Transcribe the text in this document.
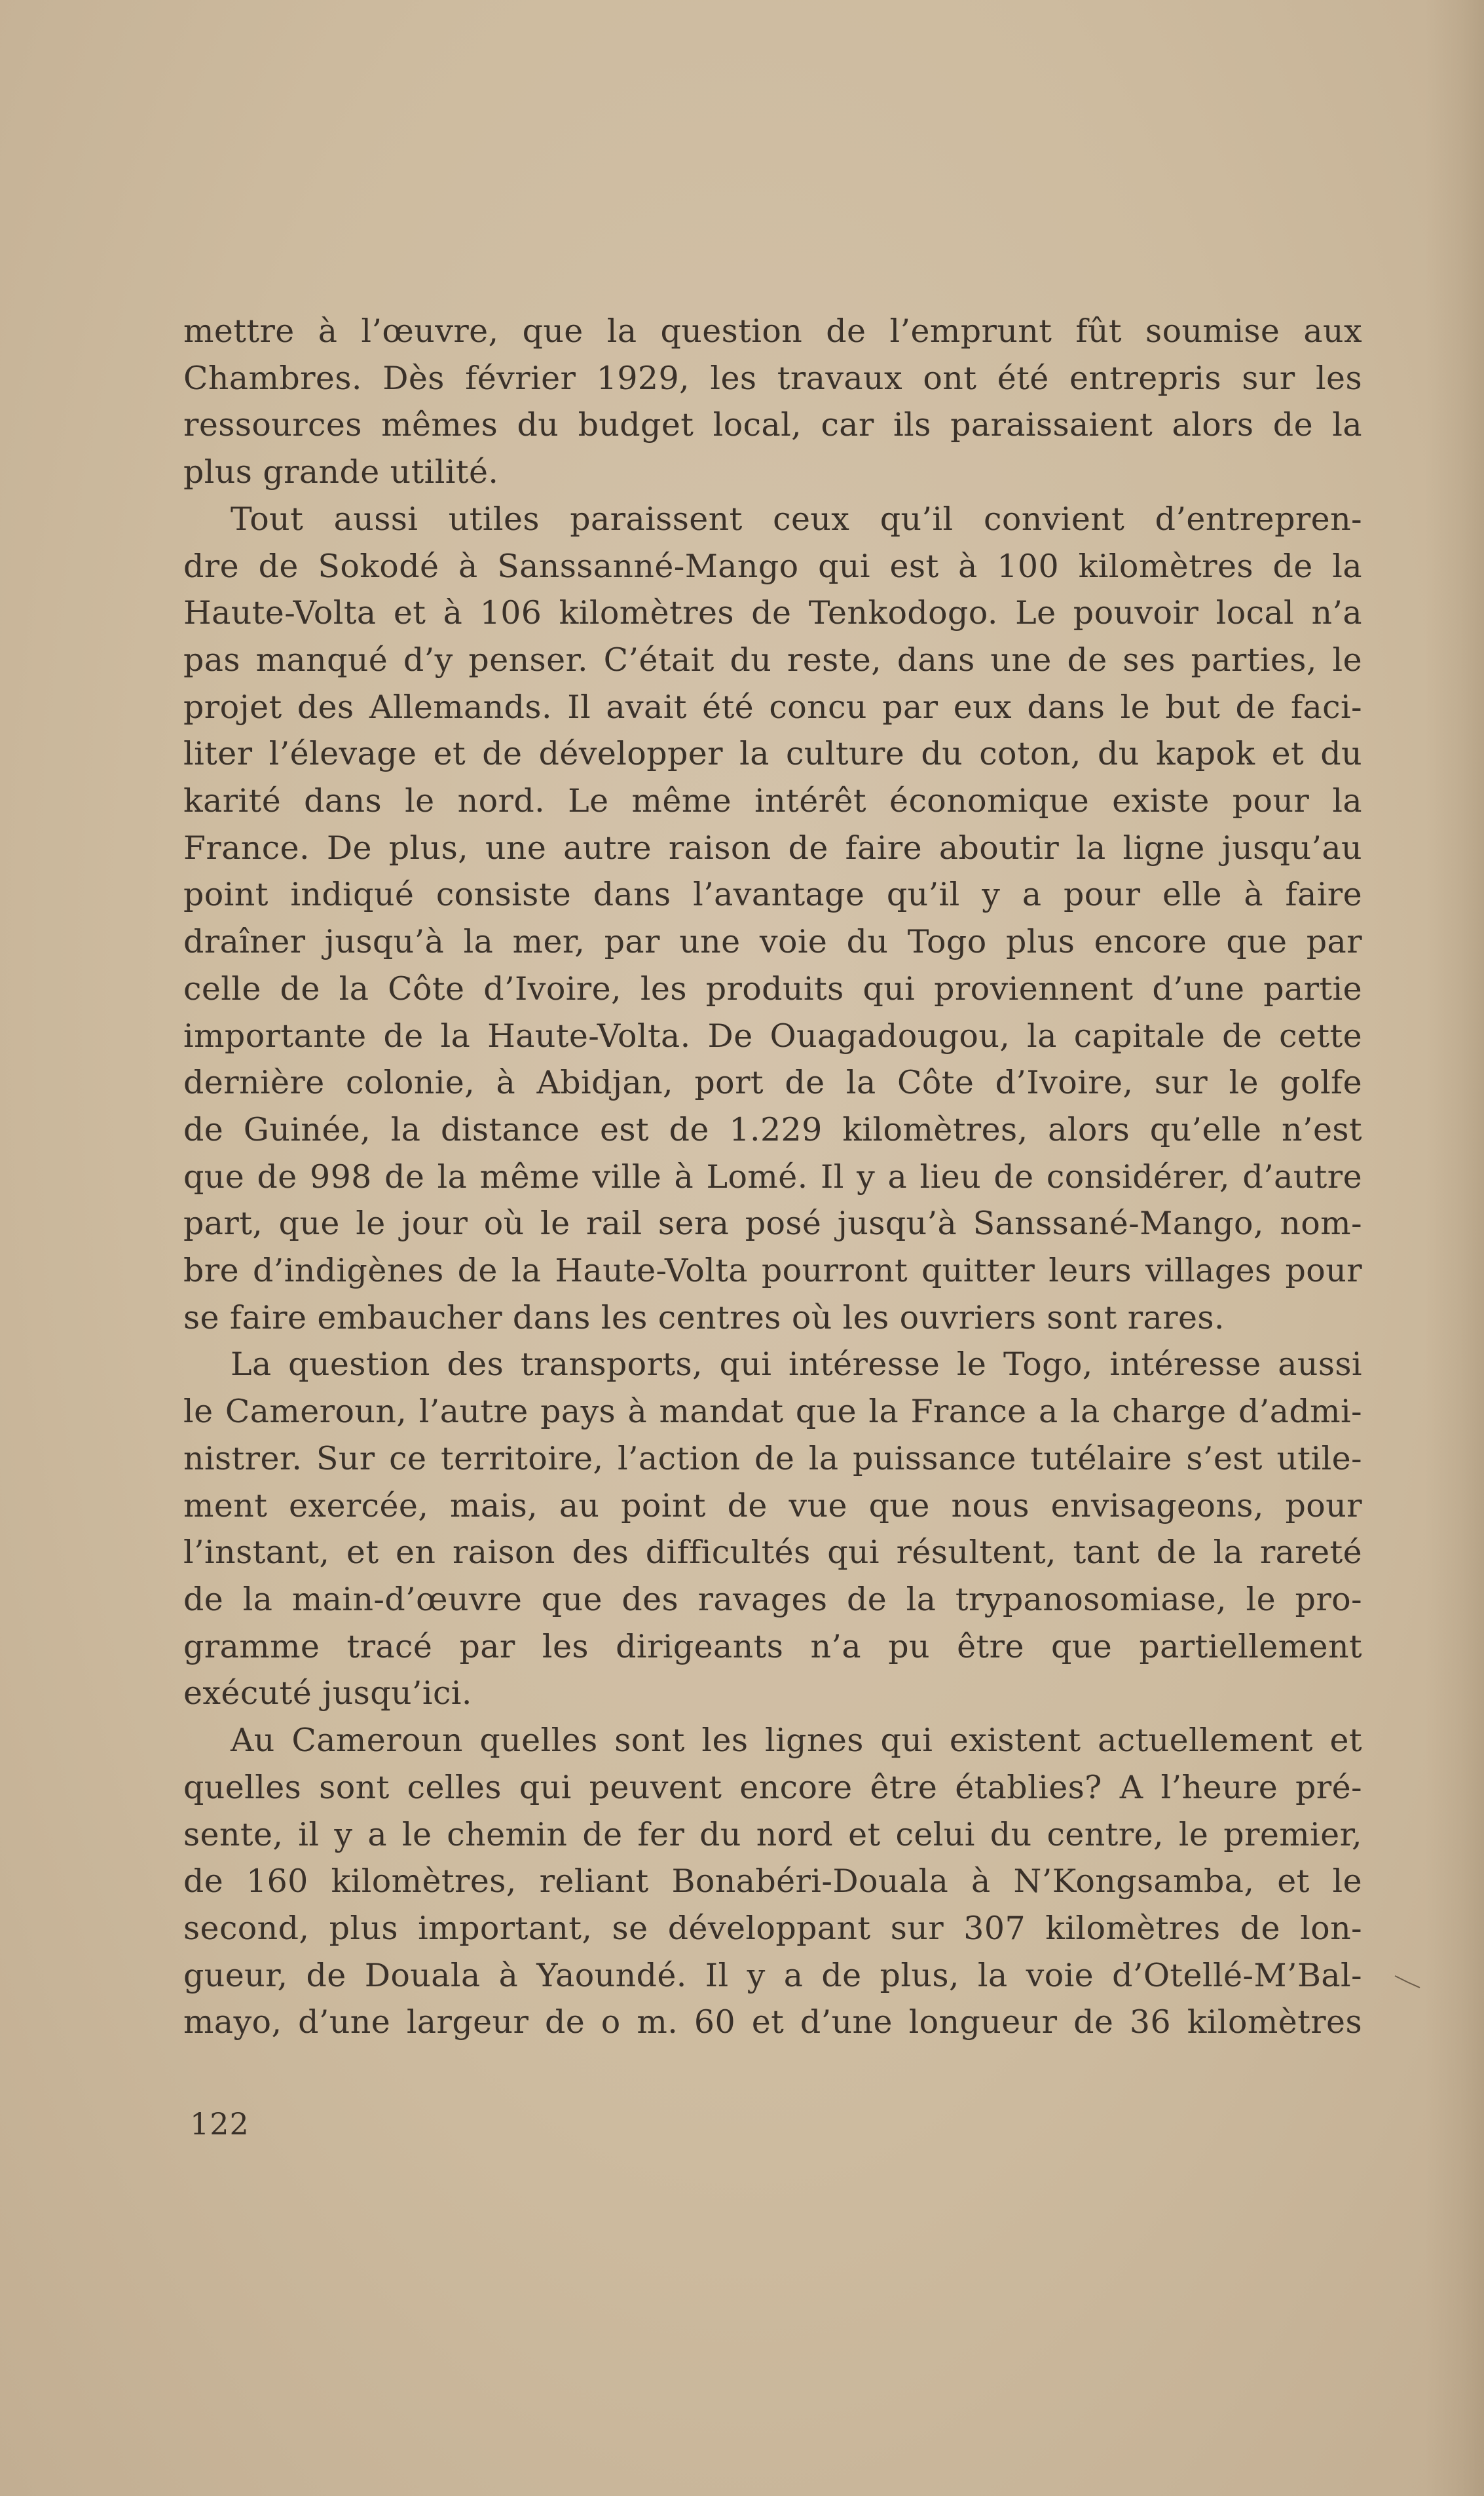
mettre à l’œuvre, que la question de l’emprunt fût soumise aux
Chambres. Dès février 1929, les travaux ont été entrepris sur les
ressources mêmes du budget local, car ils paraissaient alors de la
plus grande utilité.
Tout aussi utiles paraissent ceux qu’il convient d’entrepren-
dre de Sokodé à Sanssanné-Mango qui est à 100 kilomètres de la
Haute-Volta et à 106 kilomètres de Tenkodogo. Le pouvoir local n’a
pas manqué d’y penser. C’était du reste, dans une de ses parties, le
projet des Allemands. Il avait été concu par eux dans le but de faci-
liter l’élevage et de développer la culture du coton, du kapok et du
karité dans le nord. Le même intérêt économique existe pour la
France. De plus, une autre raison de faire aboutir la ligne jusqu’au
point indiqué consiste dans l’avantage qu’il y a pour elle à faire
draîner jusqu’à la mer, par une voie du Togo plus encore que par
celle de la Côte d’Ivoire, les produits qui proviennent d’une partie
importante de la Haute-Volta. De Ouagadougou, la capitale de cette
dernière colonie, à Abidjan, port de la Côte d’Ivoire, sur le golfe
de Guinée, la distance est de 1.229 kilomètres, alors qu’elle n’est
que de 998 de la même ville à Lomé. Il y a lieu de considérer, d’autre
part, que le jour où le rail sera posé jusqu’à Sanssané-Mango, nom-
bre d’indigènes de la Haute-Volta pourront quitter leurs villages pour
se faire embaucher dans les centres où les ouvriers sont rares.
La question des transports, qui intéresse le Togo, intéresse aussi
le Cameroun, l’autre pays à mandat que la France a la charge d’admi-
nistrer. Sur ce territoire, l’action de la puissance tutélaire s’est utile-
ment exercée, mais, au point de vue que nous envisageons, pour
l’instant, et en raison des difficultés qui résultent, tant de la rareté
de la main-d’œuvre que des ravages de la trypanosomiase, le pro-
gramme tracé par les dirigeants n’a pu être que partiellement
exécuté jusqu’ici.
Au Cameroun quelles sont les lignes qui existent actuellement et
quelles sont celles qui peuvent encore être établies? A l’heure pré-
sente, il y a le chemin de fer du nord et celui du centre, le premier,
de 160 kilomètres, reliant Bonabéri-Douala à N’Kongsamba, et le
second, plus important, se développant sur 307 kilomètres de lon-
gueur, de Douala à Yaoundé. Il y a de plus, la voie d’Otellé-M’Bal-
mayo, d’une largeur de o m. 60 et d’une longueur de 36 kilomètres
122
